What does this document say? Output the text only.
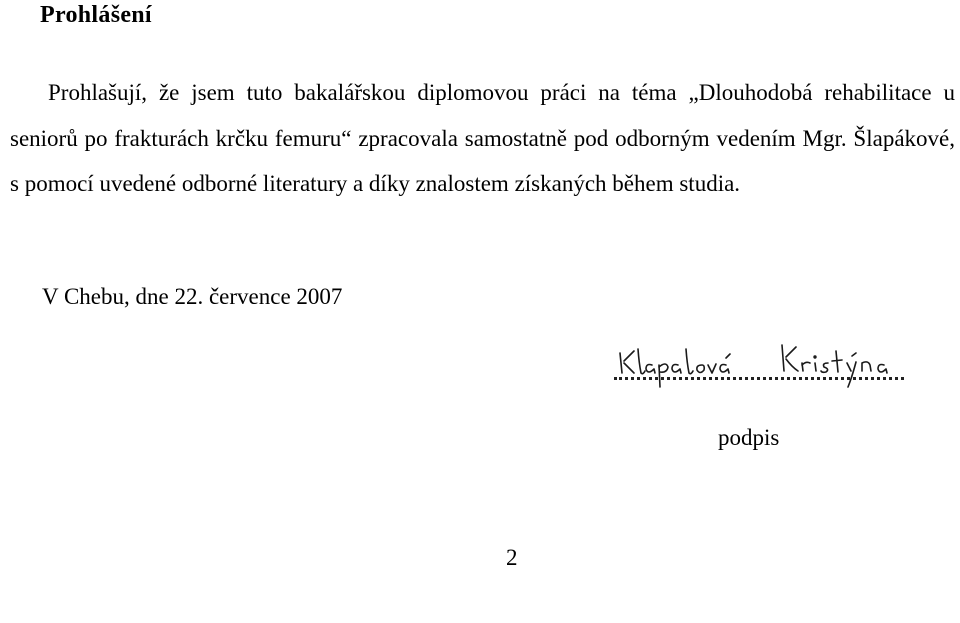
Prohlášení
Prohlašují, že jsem tuto bakalářskou diplomovou práci na téma „Dlouhodobá rehabilitace u seniorů po frakturách krčku femuru“ zpracovala samostatně pod odborným vedením Mgr. Šlapákové, s pomocí uvedené odborné literatury a díky znalostem získaných během studia.
V Chebu, dne 22. července 2007
podpis
2
